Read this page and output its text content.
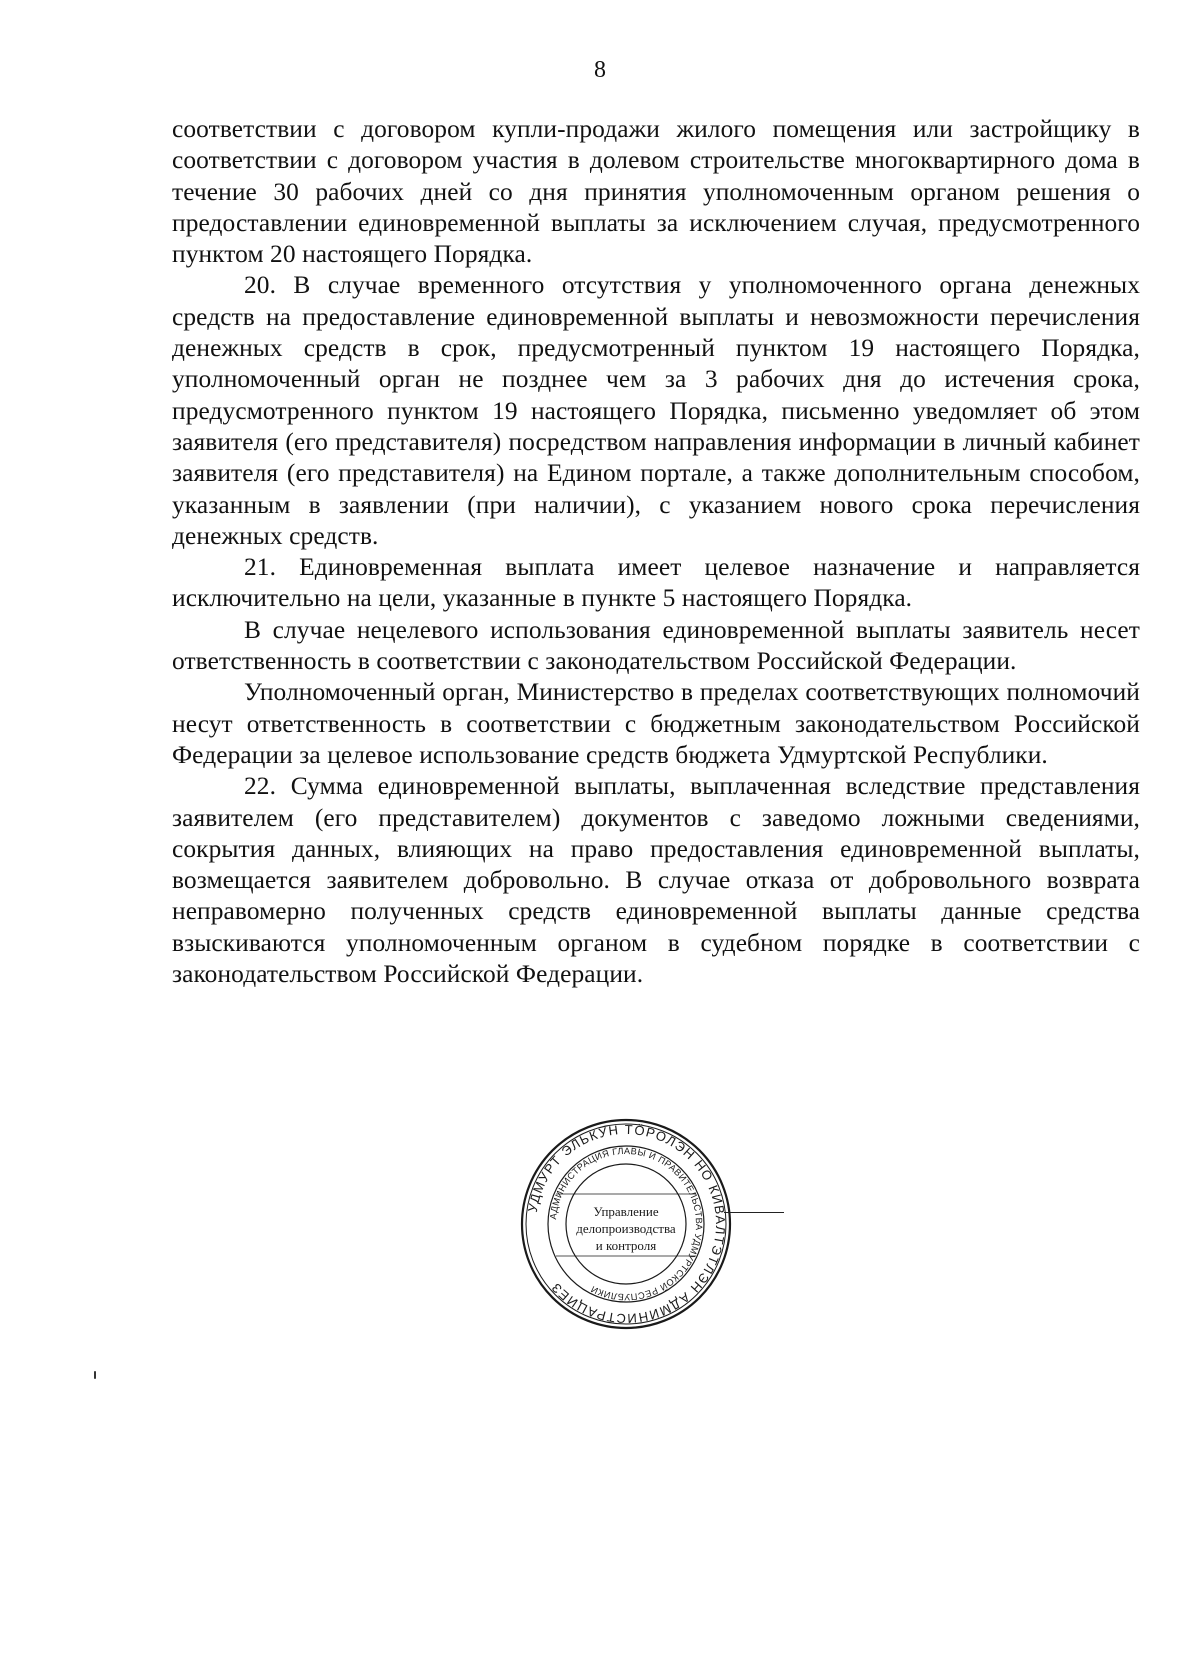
8

соответствии с договором купли-продажи жилого помещения или застройщику в соответствии с договором участия в долевом строительстве многоквартирного дома в течение 30 рабочих дней со дня принятия уполномоченным органом решения о предоставлении единовременной выплаты за исключением случая, предусмотренного пунктом 20 настоящего Порядка.

20. В случае временного отсутствия у уполномоченного органа денежных средств на предоставление единовременной выплаты и невозможности перечисления денежных средств в срок, предусмотренный пунктом 19 настоящего Порядка, уполномоченный орган не позднее чем за 3 рабочих дня до истечения срока, предусмотренного пунктом 19 настоящего Порядка, письменно уведомляет об этом заявителя (его представителя) посредством направления информации в личный кабинет заявителя (его представителя) на Едином портале, а также дополнительным способом, указанным в заявлении (при наличии), с указанием нового срока перечисления денежных средств.

21. Единовременная выплата имеет целевое назначение и направляется исключительно на цели, указанные в пункте 5 настоящего Порядка.

В случае нецелевого использования единовременной выплаты заявитель несет ответственность в соответствии с законодательством Российской Федерации.

Уполномоченный орган, Министерство в пределах соответствующих полномочий несут ответственность в соответствии с бюджетным законодательством Российской Федерации за целевое использование средств бюджета Удмуртской Республики.

22. Сумма единовременной выплаты, выплаченная вследствие представления заявителем (его представителем) документов с заведомо ложными сведениями, сокрытия данных, влияющих на право предоставления единовременной выплаты, возмещается заявителем добровольно. В случае отказа от добровольного возврата неправомерно полученных средств единовременной выплаты данные средства взыскиваются уполномоченным органом в судебном порядке в соответствии с законодательством Российской Федерации.

УДМУРТ ЭЛЬКУН ТӦРОЛЭН НО КИВАЛТЭТЛЭН АДМИНИСТРАЦИЕЗ
АДМИНИСТРАЦИЯ ГЛАВЫ И ПРАВИТЕЛЬСТВА УДМУРТСКОЙ РЕСПУБЛИКИ
Управление
делопроизводства
и контроля
